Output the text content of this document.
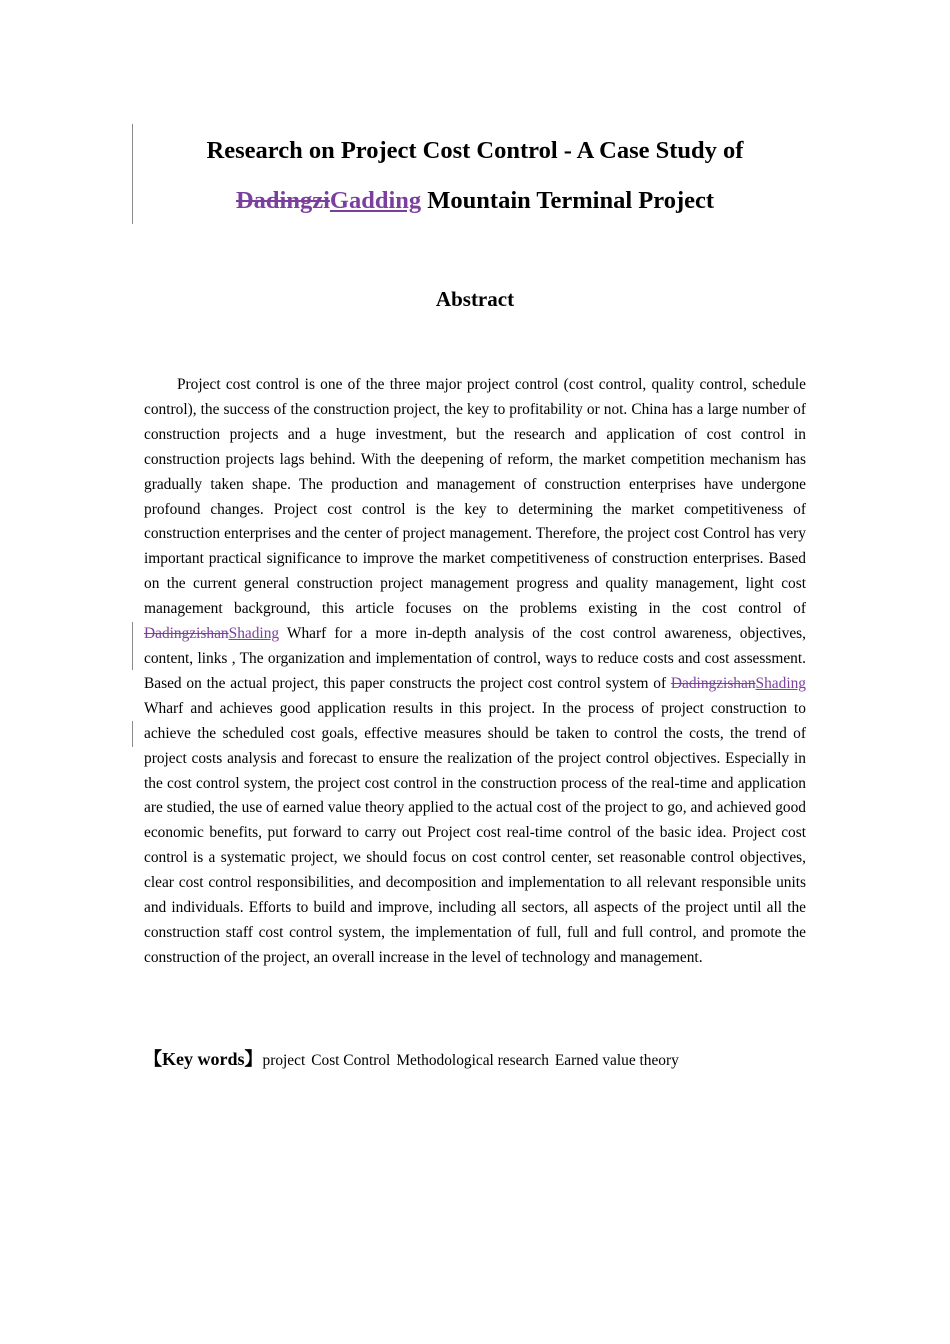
Research on Project Cost Control - A Case Study of
DadingziGadding Mountain Terminal Project
Abstract

Project cost control is one of the three major project control (cost control, quality control, schedule control), the success of the construction project, the key to profitability or not. China has a large number of construction projects and a huge investment, but the research and application of cost control in construction projects lags behind. With the deepening of reform, the market competition mechanism has gradually taken shape. The production and management of construction enterprises have undergone profound changes. Project cost control is the key to determining the market competitiveness of construction enterprises and the center of project management. Therefore, the project cost Control has very important practical significance to improve the market competitiveness of construction enterprises. Based on the current general construction project management progress and quality management, light cost management background, this article focuses on the problems existing in the cost control of DadingzishanShading Wharf for a more in-depth analysis of the cost control awareness, objectives, content, links , The organization and implementation of control, ways to reduce costs and cost assessment. Based on the actual project, this paper constructs the project cost control system of DadingzishanShading Wharf and achieves good application results in this project. In the process of project construction to achieve the scheduled cost goals, effective measures should be taken to control the costs, the trend of project costs analysis and forecast to ensure the realization of the project control objectives. Especially in the cost control system, the project cost control in the construction process of the real-time and application are studied, the use of earned value theory applied to the actual cost of the project to go, and achieved good economic benefits, put forward to carry out Project cost real-time control of the basic idea. Project cost control is a systematic project, we should focus on cost control center, set reasonable control objectives, clear cost control responsibilities, and decomposition and implementation to all relevant responsible units and individuals. Efforts to build and improve, including all sectors, all aspects of the project until all the construction staff cost control system, the implementation of full, full and full control, and promote the construction of the project, an overall increase in the level of technology and management.

【Key words】project Cost Control Methodological research Earned value theory
